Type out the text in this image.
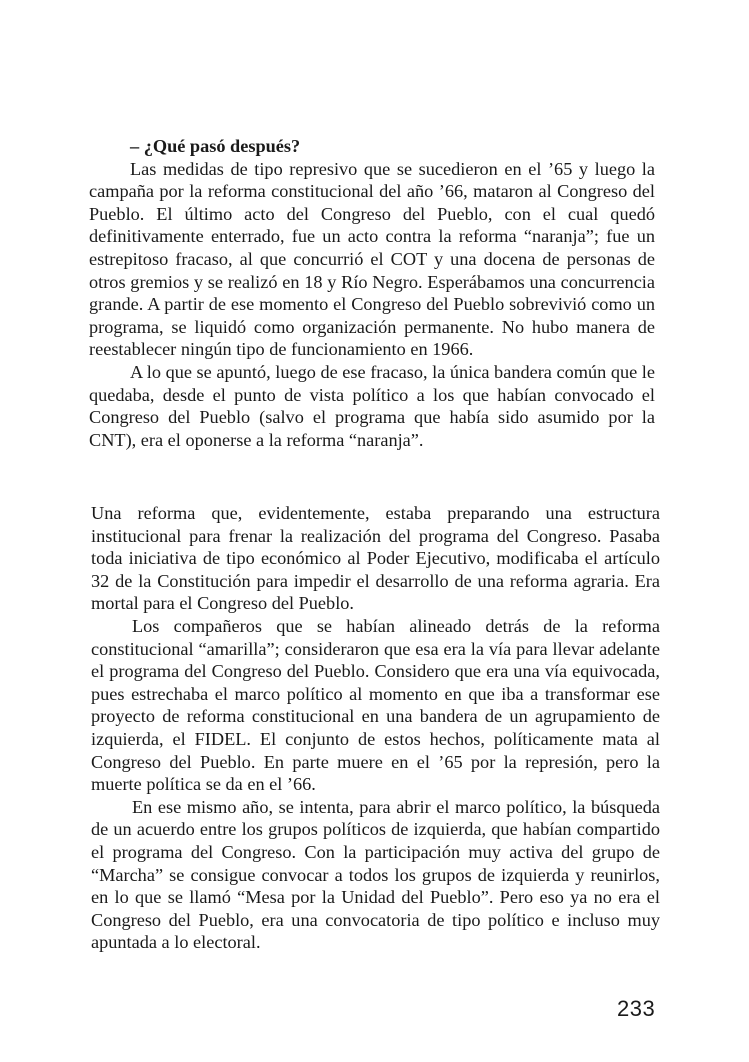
– ¿Qué pasó después?

Las medidas de tipo represivo que se sucedieron en el ’65 y luego la campaña por la reforma constitucional del año ’66, mataron al Congreso del Pueblo. El último acto del Congreso del Pueblo, con el cual quedó definitivamente enterrado, fue un acto contra la reforma “naranja”; fue un estrepitoso fracaso, al que concurrió el COT y una docena de personas de otros gremios y se realizó en 18 y Río Negro. Esperábamos una concurrencia grande. A partir de ese momento el Congreso del Pueblo sobrevivió como un programa, se liquidó como organización permanente. No hubo manera de reestablecer ningún tipo de funcionamiento en 1966.

A lo que se apuntó, luego de ese fracaso, la única bandera común que le quedaba, desde el punto de vista político a los que habían convocado el Congreso del Pueblo (salvo el programa que había sido asumido por la CNT), era el oponerse a la reforma “naranja”.

Una reforma que, evidentemente, estaba preparando una estructura institucional para frenar la realización del programa del Congreso. Pasaba toda iniciativa de tipo económico al Poder Ejecutivo, modificaba el artículo 32 de la Constitución para impedir el desarrollo de una reforma agraria. Era mortal para el Congreso del Pueblo.

Los compañeros que se habían alineado detrás de la reforma constitucional “amarilla”; consideraron que esa era la vía para llevar adelante el programa del Congreso del Pueblo. Considero que era una vía equivocada, pues estrechaba el marco político al momento en que iba a transformar ese proyecto de reforma constitucional en una bandera de un agrupamiento de izquierda, el FIDEL. El conjunto de estos hechos, políticamente mata al Congreso del Pueblo. En parte muere en el ’65 por la represión, pero la muerte política se da en el ’66.

En ese mismo año, se intenta, para abrir el marco político, la búsqueda de un acuerdo entre los grupos políticos de izquierda, que habían compartido el programa del Congreso. Con la participación muy activa del grupo de “Marcha” se consigue convocar a todos los grupos de izquierda y reunirlos, en lo que se llamó “Mesa por la Unidad del Pueblo”. Pero eso ya no era el Congreso del Pueblo, era una convocatoria de tipo político e incluso muy apuntada a lo electoral.

233
